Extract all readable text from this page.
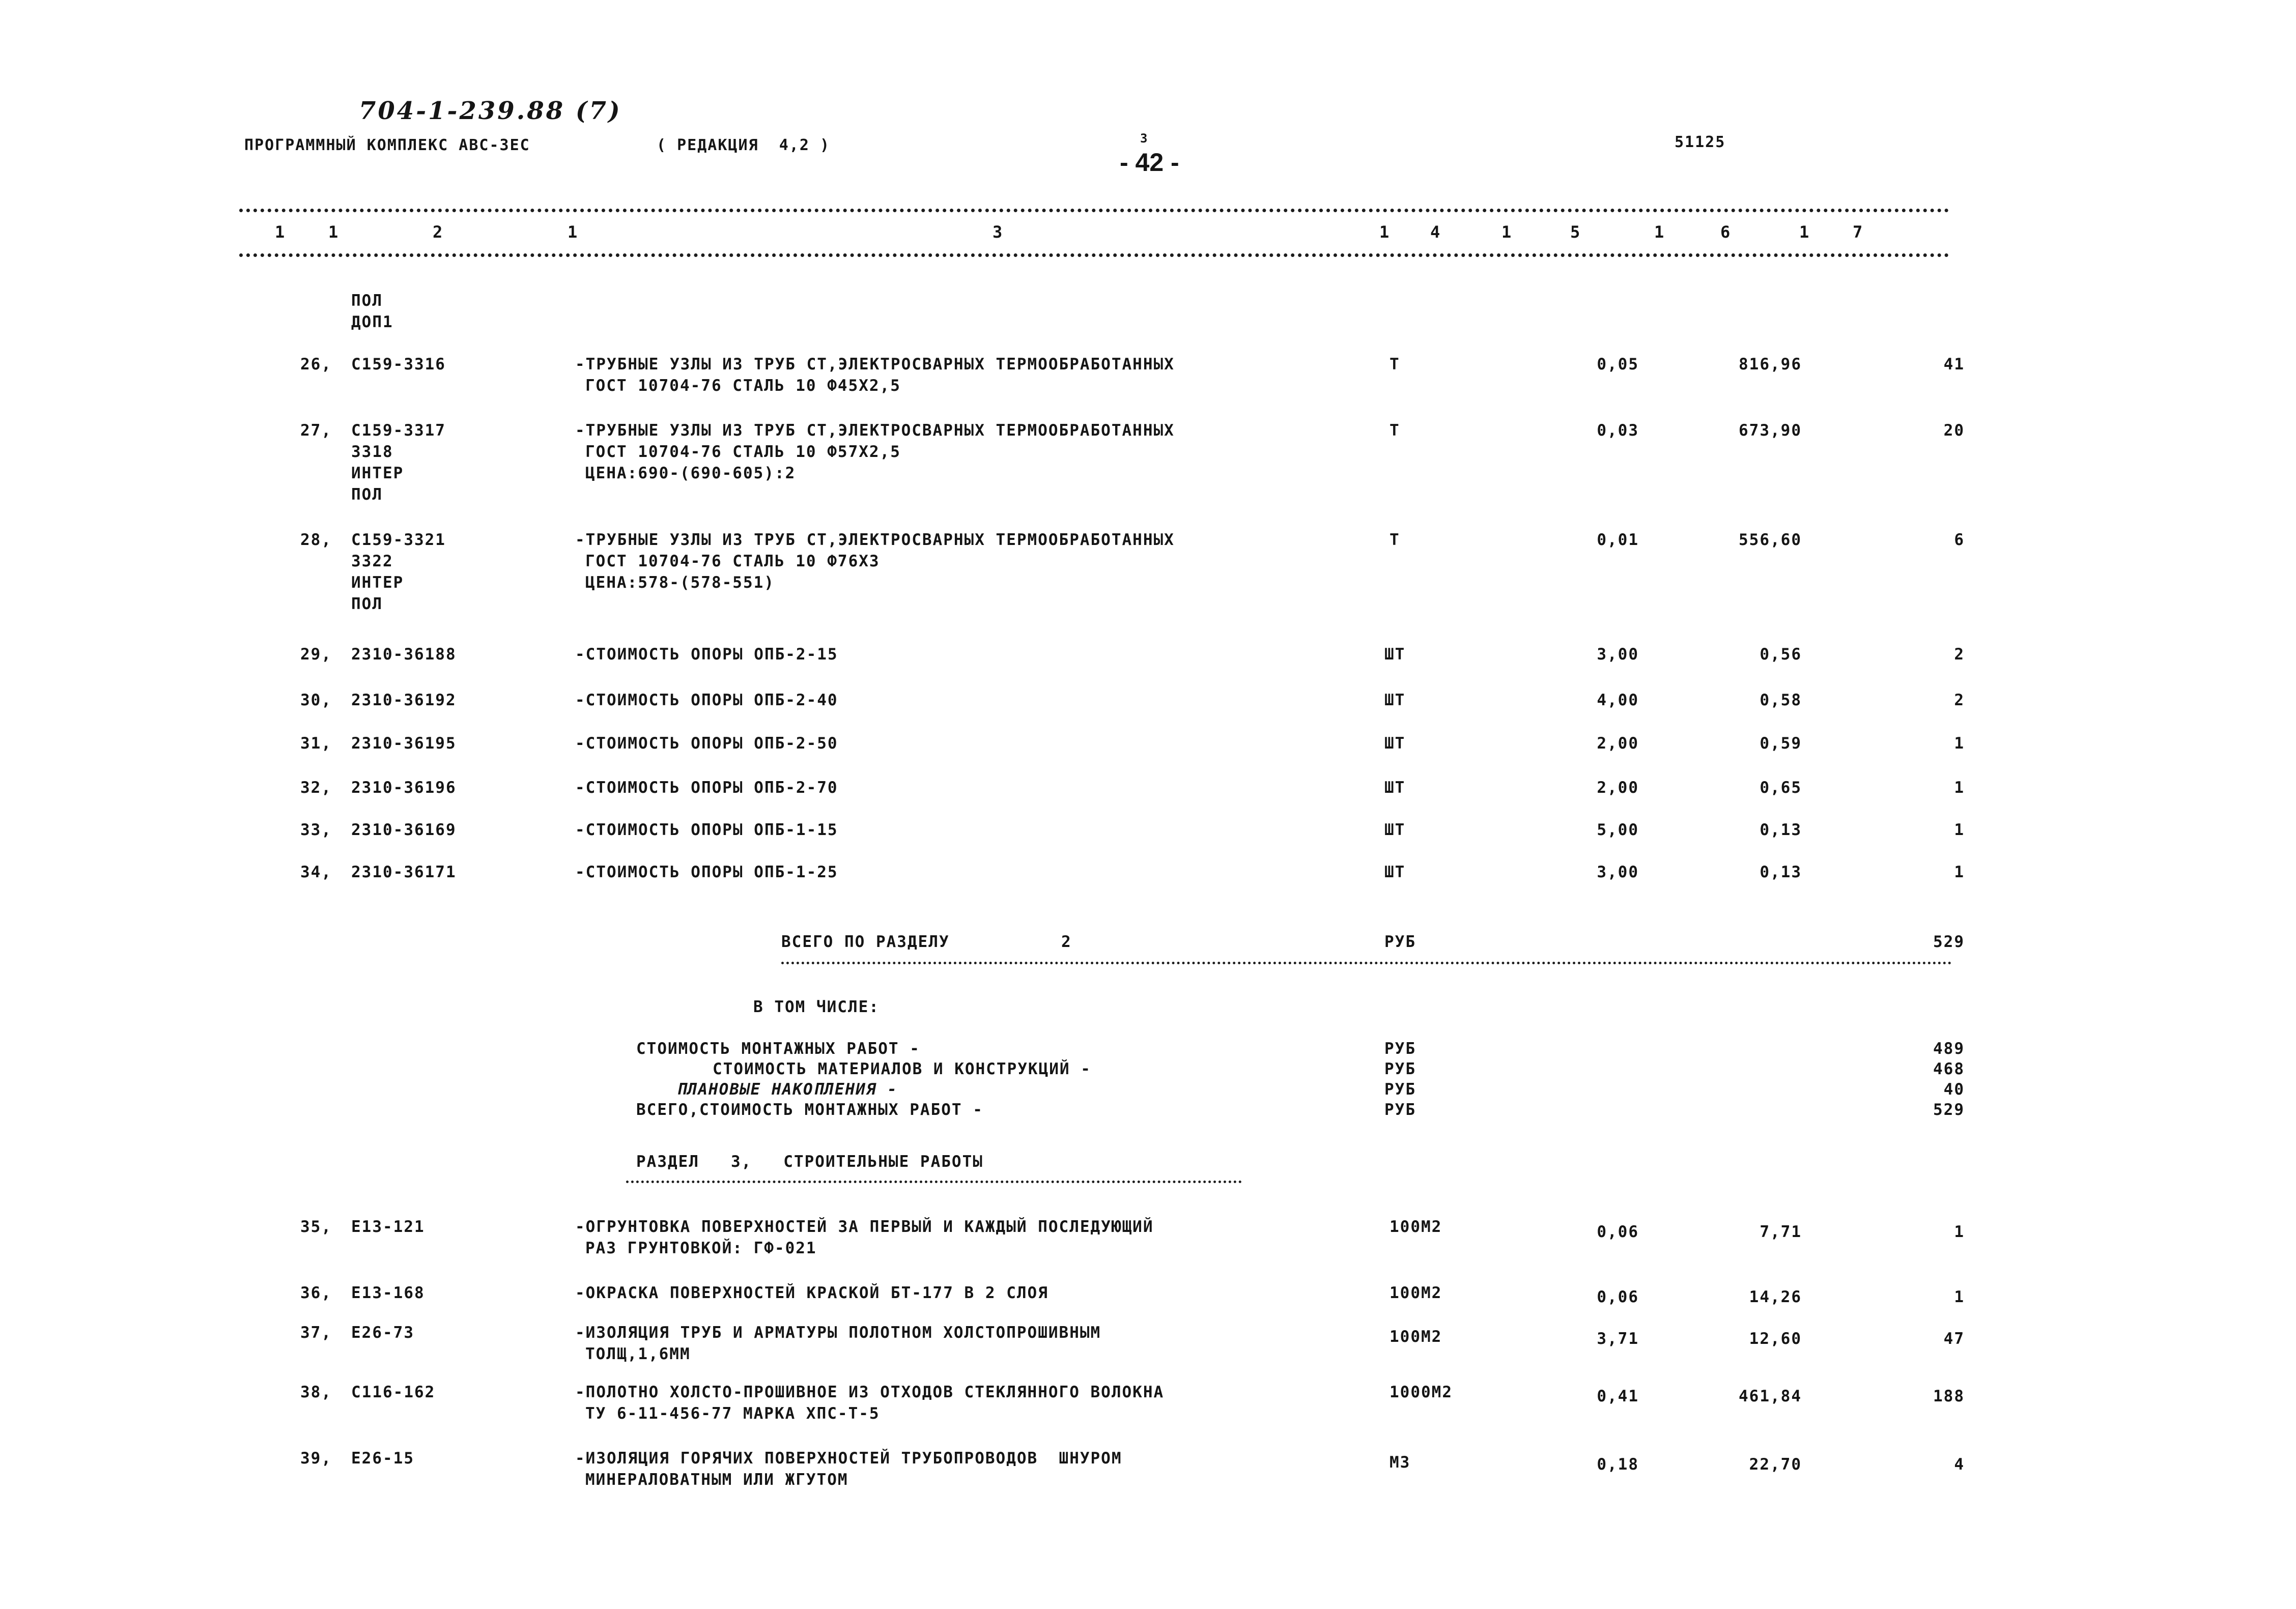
704-1-239.88 (7)
ПРОГРАММНЫЙ КОМПЛЕКС АВС-ЗЕС	( РЕДАКЦИЯ  4,2 )	3
- 42 -
51125
1	1	2	1	3	1	4	1	5	1	6	1	7
ПОЛ
ДОП1
26, С159-3316	-ТРУБНЫЕ УЗЛЫ ИЗ ТРУБ СТ,ЭЛЕКТРОСВАРНЫХ ТЕРМООБРАБОТАННЫХ
ГОСТ 10704-76 СТАЛЬ 10 Ф45Х2,5
Т	0,05	816,96	41
27, С159-3317
3318
ИНТЕР
ПОЛ
-ТРУБНЫЕ УЗЛЫ ИЗ ТРУБ СТ,ЭЛЕКТРОСВАРНЫХ ТЕРМООБРАБОТАННЫХ
ГОСТ 10704-76 СТАЛЬ 10 Ф57Х2,5
ЦЕНА:690-(690-605):2
Т	0,03	673,90	20
28, С159-3321
3322
ИНТЕР
ПОЛ
-ТРУБНЫЕ УЗЛЫ ИЗ ТРУБ СТ,ЭЛЕКТРОСВАРНЫХ ТЕРМООБРАБОТАННЫХ
ГОСТ 10704-76 СТАЛЬ 10 Ф76Х3
ЦЕНА:578-(578-551)
Т	0,01	556,60	6
29, 2310-36188	-СТОИМОСТЬ ОПОРЫ ОПБ-2-15	ШТ	3,00	0,56	2
30, 2310-36192	-СТОИМОСТЬ ОПОРЫ ОПБ-2-40	ШТ	4,00	0,58	2
31, 2310-36195	-СТОИМОСТЬ ОПОРЫ ОПБ-2-50	ШТ	2,00	0,59	1
32, 2310-36196	-СТОИМОСТЬ ОПОРЫ ОПБ-2-70	ШТ	2,00	0,65	1
33, 2310-36169	-СТОИМОСТЬ ОПОРЫ ОПБ-1-15	ШТ	5,00	0,13	1
34, 2310-36171	-СТОИМОСТЬ ОПОРЫ ОПБ-1-25	ШТ	3,00	0,13	1
ВСЕГО ПО РАЗДЕЛУ	2	РУБ	529
В ТОМ ЧИСЛЕ:
СТОИМОСТЬ МОНТАЖНЫХ РАБОТ -	РУБ	489
СТОИМОСТЬ МАТЕРИАЛОВ И КОНСТРУКЦИЙ -	РУБ	468
ПЛАНОВЫЕ НАКОПЛЕНИЯ -	РУБ	40
ВСЕГО,СТОИМОСТЬ МОНТАЖНЫХ РАБОТ -	РУБ	529
РАЗДЕЛ   3,   СТРОИТЕЛЬНЫЕ РАБОТЫ
35, Е13-121	-ОГРУНТОВКА ПОВЕРХНОСТЕЙ ЗА ПЕРВЫЙ И КАЖДЫЙ ПОСЛЕДУЮЩИЙ
РАЗ ГРУНТОВКОЙ: ГФ-021
100М2	0,06	7,71	1
36, Е13-168	-ОКРАСКА ПОВЕРХНОСТЕЙ КРАСКОЙ БТ-177 В 2 СЛОЯ	100М2	0,06	14,26	1
37, Е26-73	-ИЗОЛЯЦИЯ ТРУБ И АРМАТУРЫ ПОЛОТНОМ ХОЛСТОПРОШИВНЫМ
ТОЛЩ,1,6ММ
100М2	3,71	12,60	47
38, С116-162	-ПОЛОТНО ХОЛСТО-ПРОШИВНОЕ ИЗ ОТХОДОВ СТЕКЛЯННОГО ВОЛОКНА
ТУ 6-11-456-77 МАРКА ХПС-Т-5
1000М2	0,41	461,84	188
39, Е26-15	-ИЗОЛЯЦИЯ ГОРЯЧИХ ПОВЕРХНОСТЕЙ ТРУБОПРОВОДОВ  ШНУРОМ
МИНЕРАЛОВАТНЫМ ИЛИ ЖГУТОМ
М3	0,18	22,70	4
